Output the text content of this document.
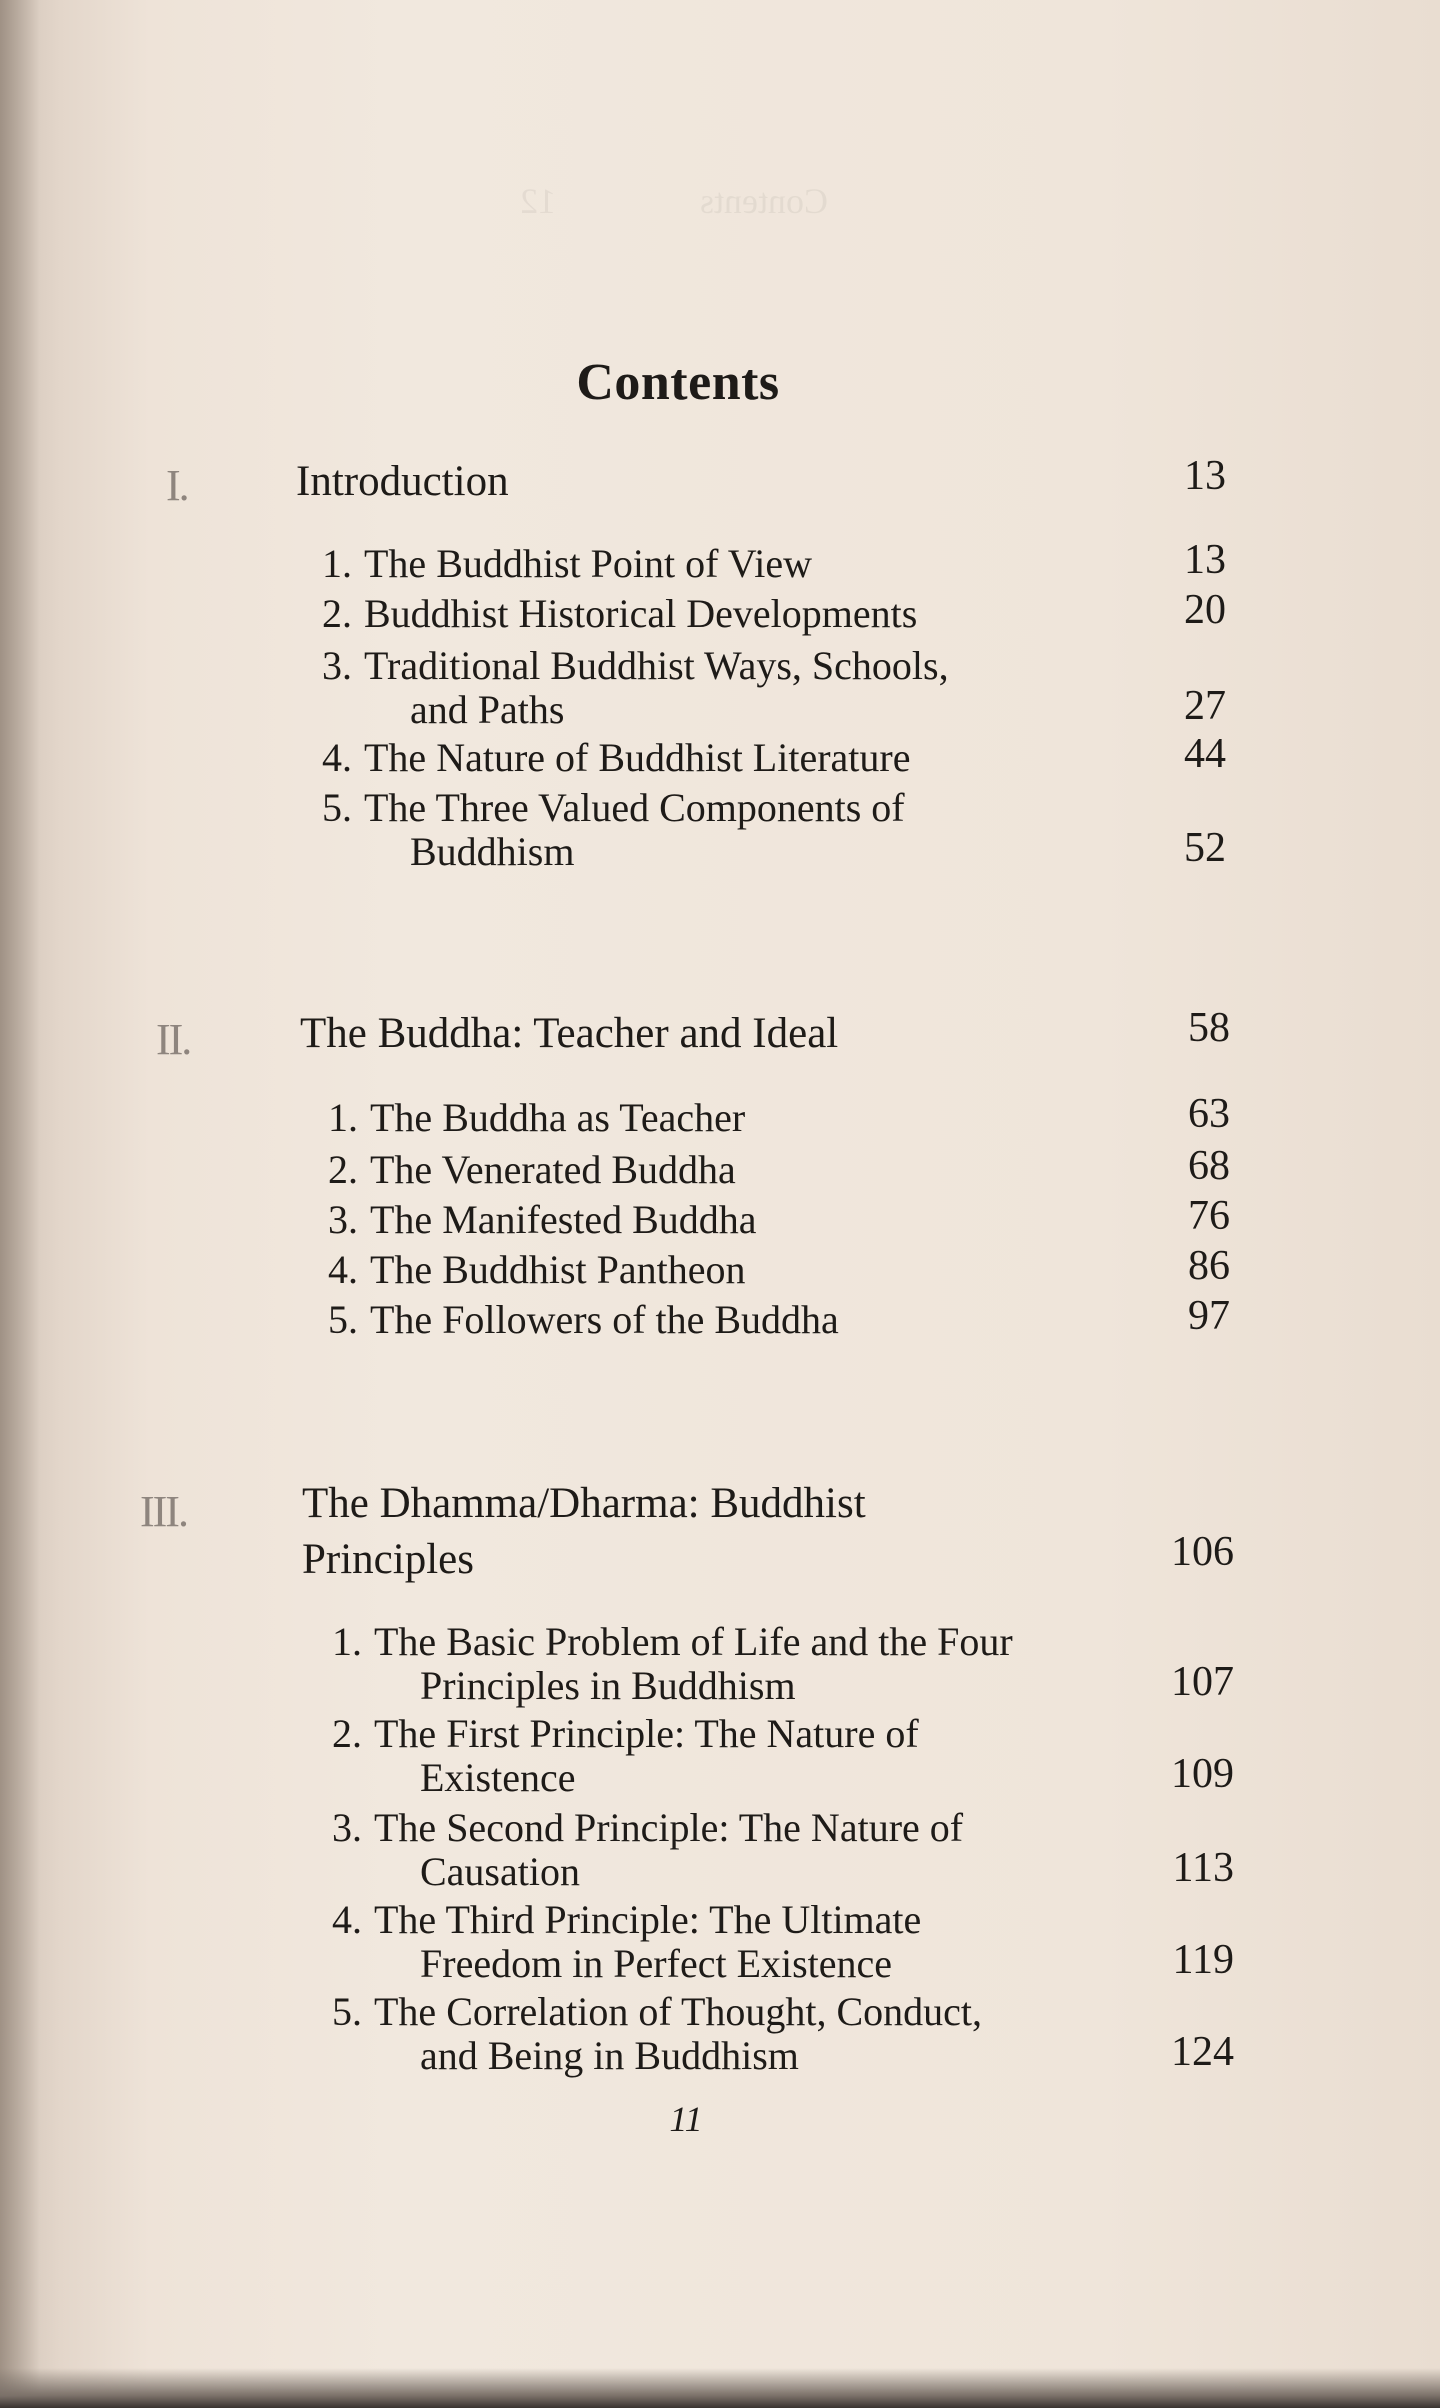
Contents                12
Contents
I.	Introduction	13
1. The Buddhist Point of View	13
2. Buddhist Historical Developments	20
3. Traditional Buddhist Ways, Schools,
and Paths	27
4. The Nature of Buddhist Literature	44
5. The Three Valued Components of
Buddhism	52
II.	The Buddha: Teacher and Ideal	58
1. The Buddha as Teacher	63
2. The Venerated Buddha	68
3. The Manifested Buddha	76
4. The Buddhist Pantheon	86
5. The Followers of the Buddha	97
III.	The Dhamma/Dharma: Buddhist
Principles	106
1. The Basic Problem of Life and the Four
Principles in Buddhism	107
2. The First Principle: The Nature of
Existence	109
3. The Second Principle: The Nature of
Causation	113
4. The Third Principle: The Ultimate
Freedom in Perfect Existence	119
5. The Correlation of Thought, Conduct,
and Being in Buddhism	124
11
